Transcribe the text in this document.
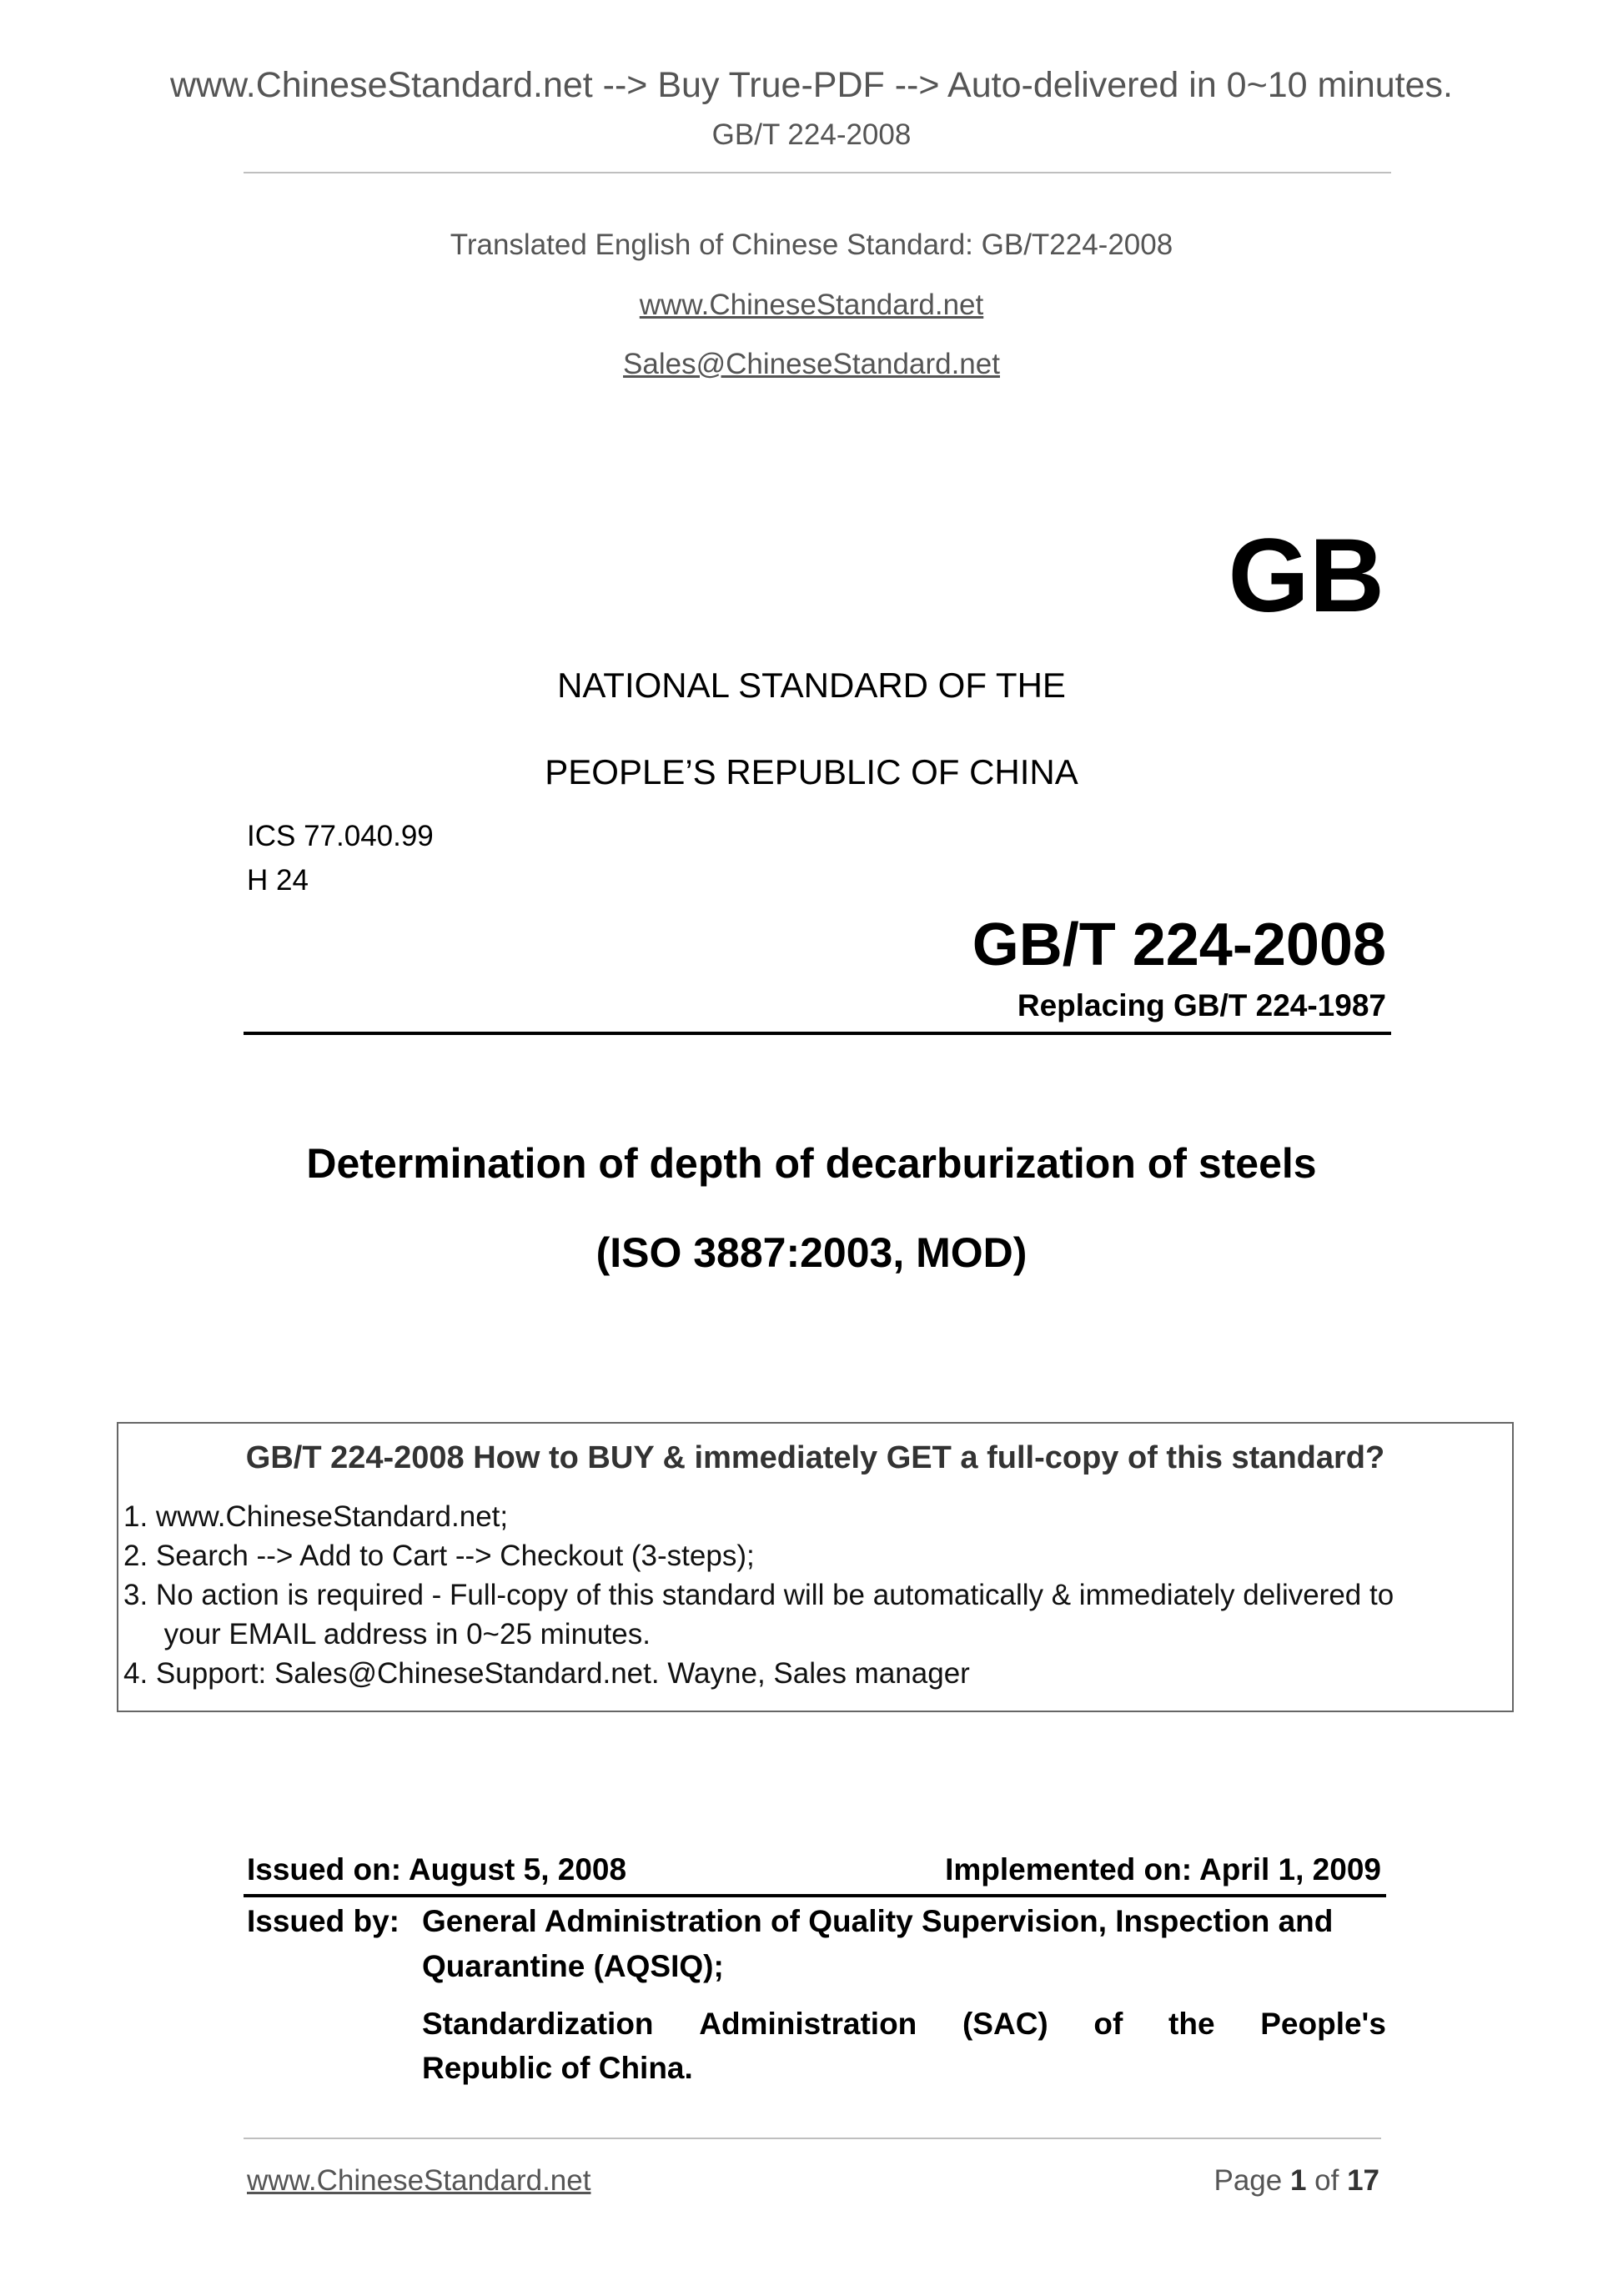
www.ChineseStandard.net --> Buy True-PDF --> Auto-delivered in 0~10 minutes.
GB/T 224-2008
Translated English of Chinese Standard: GB/T224-2008
www.ChineseStandard.net
Sales@ChineseStandard.net
GB
NATIONAL STANDARD OF THE
PEOPLE’S REPUBLIC OF CHINA
ICS 77.040.99
H 24
GB/T 224-2008
Replacing GB/T 224-1987
Determination of depth of decarburization of steels
(ISO 3887:2003, MOD)
GB/T 224-2008 How to BUY & immediately GET a full-copy of this standard?
1. www.ChineseStandard.net;
2. Search --> Add to Cart --> Checkout (3-steps);
3. No action is required - Full-copy of this standard will be automatically & immediately delivered to
your EMAIL address in 0~25 minutes.
4. Support: Sales@ChineseStandard.net. Wayne, Sales manager
Issued on: August 5, 2008	Implemented on: April 1, 2009
Issued by: General Administration of Quality Supervision, Inspection and
Quarantine (AQSIQ);
Standardization Administration (SAC) of the People's
Republic of China.
www.ChineseStandard.net	Page 1 of 17
